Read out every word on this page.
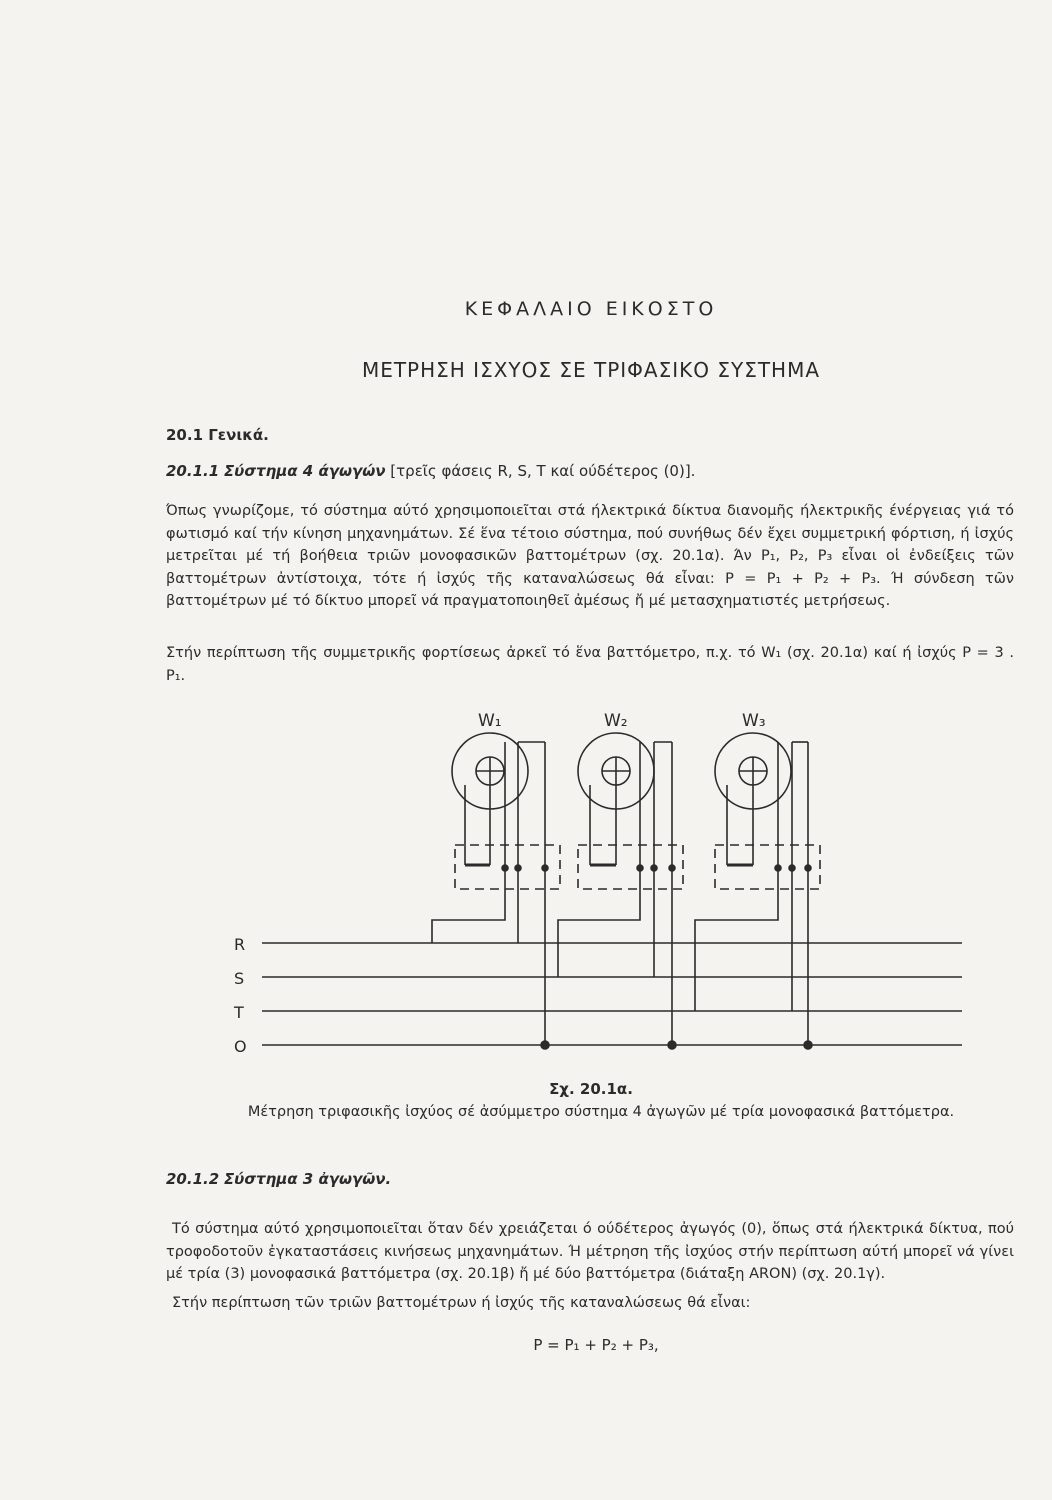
ΚΕΦΑΛΑΙΟ ΕΙΚΟΣΤΟ
ΜΕΤΡΗΣΗ ΙΣΧΥΟΣ ΣΕ ΤΡΙΦΑΣΙΚΟ ΣΥΣΤΗΜΑ
20.1 Γενικά.
20.1.1 Σύστημα 4 άγωγών [τρεῖς φάσεις R, S, T καί ούδέτερος (0)].

Όπως γνωρίζομε, τό σύστημα αύτό χρησιμοποιεῖται στά ήλεκτρικά δίκτυα διανομῆς ήλεκτρικῆς ένέργειας γιά τό φωτισμό καί τήν κίνηση μηχανημάτων. Σέ ἕνα τέτοιο σύστημα, πού συνήθως δέν ἔχει συμμετρική φόρτιση, ή ἰσχύς μετρεῖται μέ τή βοήθεια τριῶν μονοφασικῶν βαττομέτρων (σχ. 20.1α). Άν P₁, P₂, P₃ εἶναι οἱ ἐνδείξεις τῶν βαττομέτρων ἀντίστοιχα, τότε ή ἰσχύς τῆς καταναλώσεως θά εἶναι: P = P₁ + P₂ + P₃. Ή σύνδεση τῶν βαττομέτρων μέ τό δίκτυο μπορεῖ νά πραγματοποιηθεῖ ἀμέσως ἤ μέ μετασχηματιστές μετρήσεως.

Στήν περίπτωση τῆς συμμετρικῆς φορτίσεως ἀρκεῖ τό ἕνα βαττόμετρο, π.χ. τό W₁ (σχ. 20.1α) καί ή ἰσχύς P = 3 . P₁.

R
S
T
O
W₁	W₂	W₃
Σχ. 20.1α.
Μέτρηση τριφασικῆς ἰσχύος σέ ἀσύμμετρο σύστημα 4 ἀγωγῶν μέ τρία μονοφασικά βαττόμετρα.
20.1.2 Σύστημα 3 ἀγωγῶν.

Τό σύστημα αύτό χρησιμοποιεῖται ὅταν δέν χρειάζεται ό ούδέτερος ἀγωγός (0), ὅπως στά ήλεκτρικά δίκτυα, πού τροφοδοτοῦν ἐγκαταστάσεις κινήσεως μηχανημάτων. Ή μέτρηση τῆς ἰσχύος στήν περίπτωση αύτή μπορεῖ νά γίνει μέ τρία (3) μονοφασικά βαττόμετρα (σχ. 20.1β) ἤ μέ δύο βαττόμετρα (διάταξη ARON) (σχ. 20.1γ).

Στήν περίπτωση τῶν τριῶν βαττομέτρων ή ἰσχύς τῆς καταναλώσεως θά εἶναι:

P = P₁ + P₂ + P₃,
